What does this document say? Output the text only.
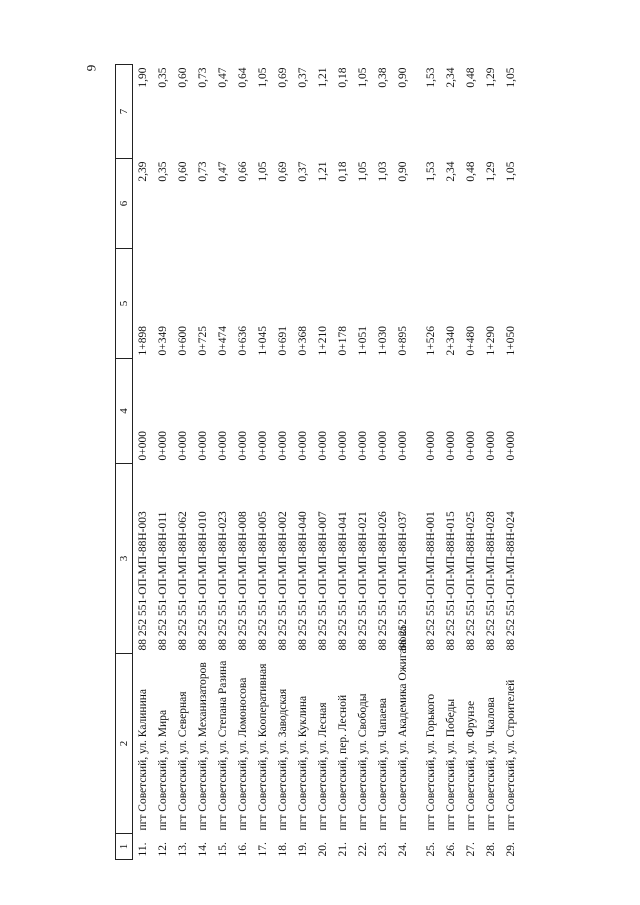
9
1	2	3	4	5	6	7
11.	пгт Советский, ул. Калинина	88 252 551-ОП-МП-88Н-003	0+000	1+898	2,39	1,90
12.	пгт Советский, ул. Мира	88 252 551-ОП-МП-88Н-011	0+000	0+349	0,35	0,35
13.	пгт Советский, ул. Северная	88 252 551-ОП-МП-88Н-062	0+000	0+600	0,60	0,60
14.	пгт Советский, ул. Механизаторов	88 252 551-ОП-МП-88Н-010	0+000	0+725	0,73	0,73
15.	пгт Советский, ул. Степана Разина	88 252 551-ОП-МП-88Н-023	0+000	0+474	0,47	0,47
16.	пгт Советский, ул. Ломоносова	88 252 551-ОП-МП-88Н-008	0+000	0+636	0,66	0,64
17.	пгт Советский, ул. Кооперативная	88 252 551-ОП-МП-88Н-005	0+000	1+045	1,05	1,05
18.	пгт Советский, ул. Заводская	88 252 551-ОП-МП-88Н-002	0+000	0+691	0,69	0,69
19.	пгт Советский, ул. Куклина	88 252 551-ОП-МП-88Н-040	0+000	0+368	0,37	0,37
20.	пгт Советский, ул. Лесная	88 252 551-ОП-МП-88Н-007	0+000	1+210	1,21	1,21
21.	пгт Советский, пер. Лесной	88 252 551-ОП-МП-88Н-041	0+000	0+178	0,18	0,18
22.	пгт Советский, ул. Свободы	88 252 551-ОП-МП-88Н-021	0+000	1+051	1,05	1,05
23.	пгт Советский, ул. Чапаева	88 252 551-ОП-МП-88Н-026	0+000	1+030	1,03	0,38
24.	пгт Советский, ул. Академика Ожиганова	88 252 551-ОП-МП-88Н-037	0+000	0+895	0,90	0,90
25.	пгт Советский, ул. Горького	88 252 551-ОП-МП-88Н-001	0+000	1+526	1,53	1,53
26.	пгт Советский, ул. Победы	88 252 551-ОП-МП-88Н-015	0+000	2+340	2,34	2,34
27.	пгт Советский, ул. Фрунзе	88 252 551-ОП-МП-88Н-025	0+000	0+480	0,48	0,48
28.	пгт Советский, ул. Чкалова	88 252 551-ОП-МП-88Н-028	0+000	1+290	1,29	1,29
29.	пгт Советский, ул. Строителей	88 252 551-ОП-МП-88Н-024	0+000	1+050	1,05	1,05
